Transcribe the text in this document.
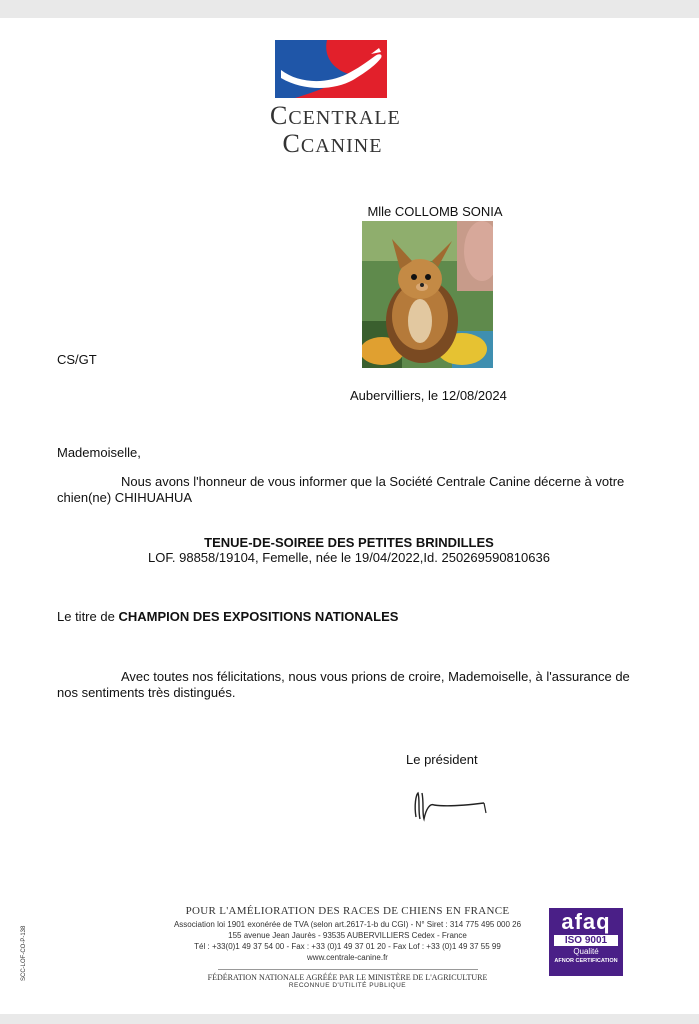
CCENTRALE
CCANINE
Mlle COLLOMB SONIA
CS/GT
Aubervilliers, le 12/08/2024
Mademoiselle,
Nous avons l'honneur de vous informer que la Société Centrale Canine décerne à votre chien(ne) CHIHUAHUA
TENUE-DE-SOIREE DES PETITES BRINDILLES
LOF. 98858/19104, Femelle, née le 19/04/2022,Id. 250269590810636
Le titre de CHAMPION DES EXPOSITIONS NATIONALES
Avec toutes nos félicitations, nous vous prions de croire, Mademoiselle, à l'assurance de nos sentiments très distingués.
Le président
POUR L'AMÉLIORATION DES RACES DE CHIENS EN FRANCE
Association loi 1901 exonérée de TVA (selon art.2617-1-b du CGI) - N° Siret : 314 775 495 000 26
155 avenue Jean Jaurès - 93535 AUBERVILLIERS Cedex - France
Tél : +33(0)1 49 37 54 00 - Fax : +33 (0)1 49 37 01 20 - Fax Lof : +33 (0)1 49 37 55 99
www.centrale-canine.fr
FÉDÉRATION NATIONALE AGRÉÉE PAR LE MINISTÈRE DE L'AGRICULTURE
RECONNUE D'UTILITÉ PUBLIQUE
afaq
ISO 9001
Qualité
AFNOR CERTIFICATION
SCC-LOF-CO-P-138
